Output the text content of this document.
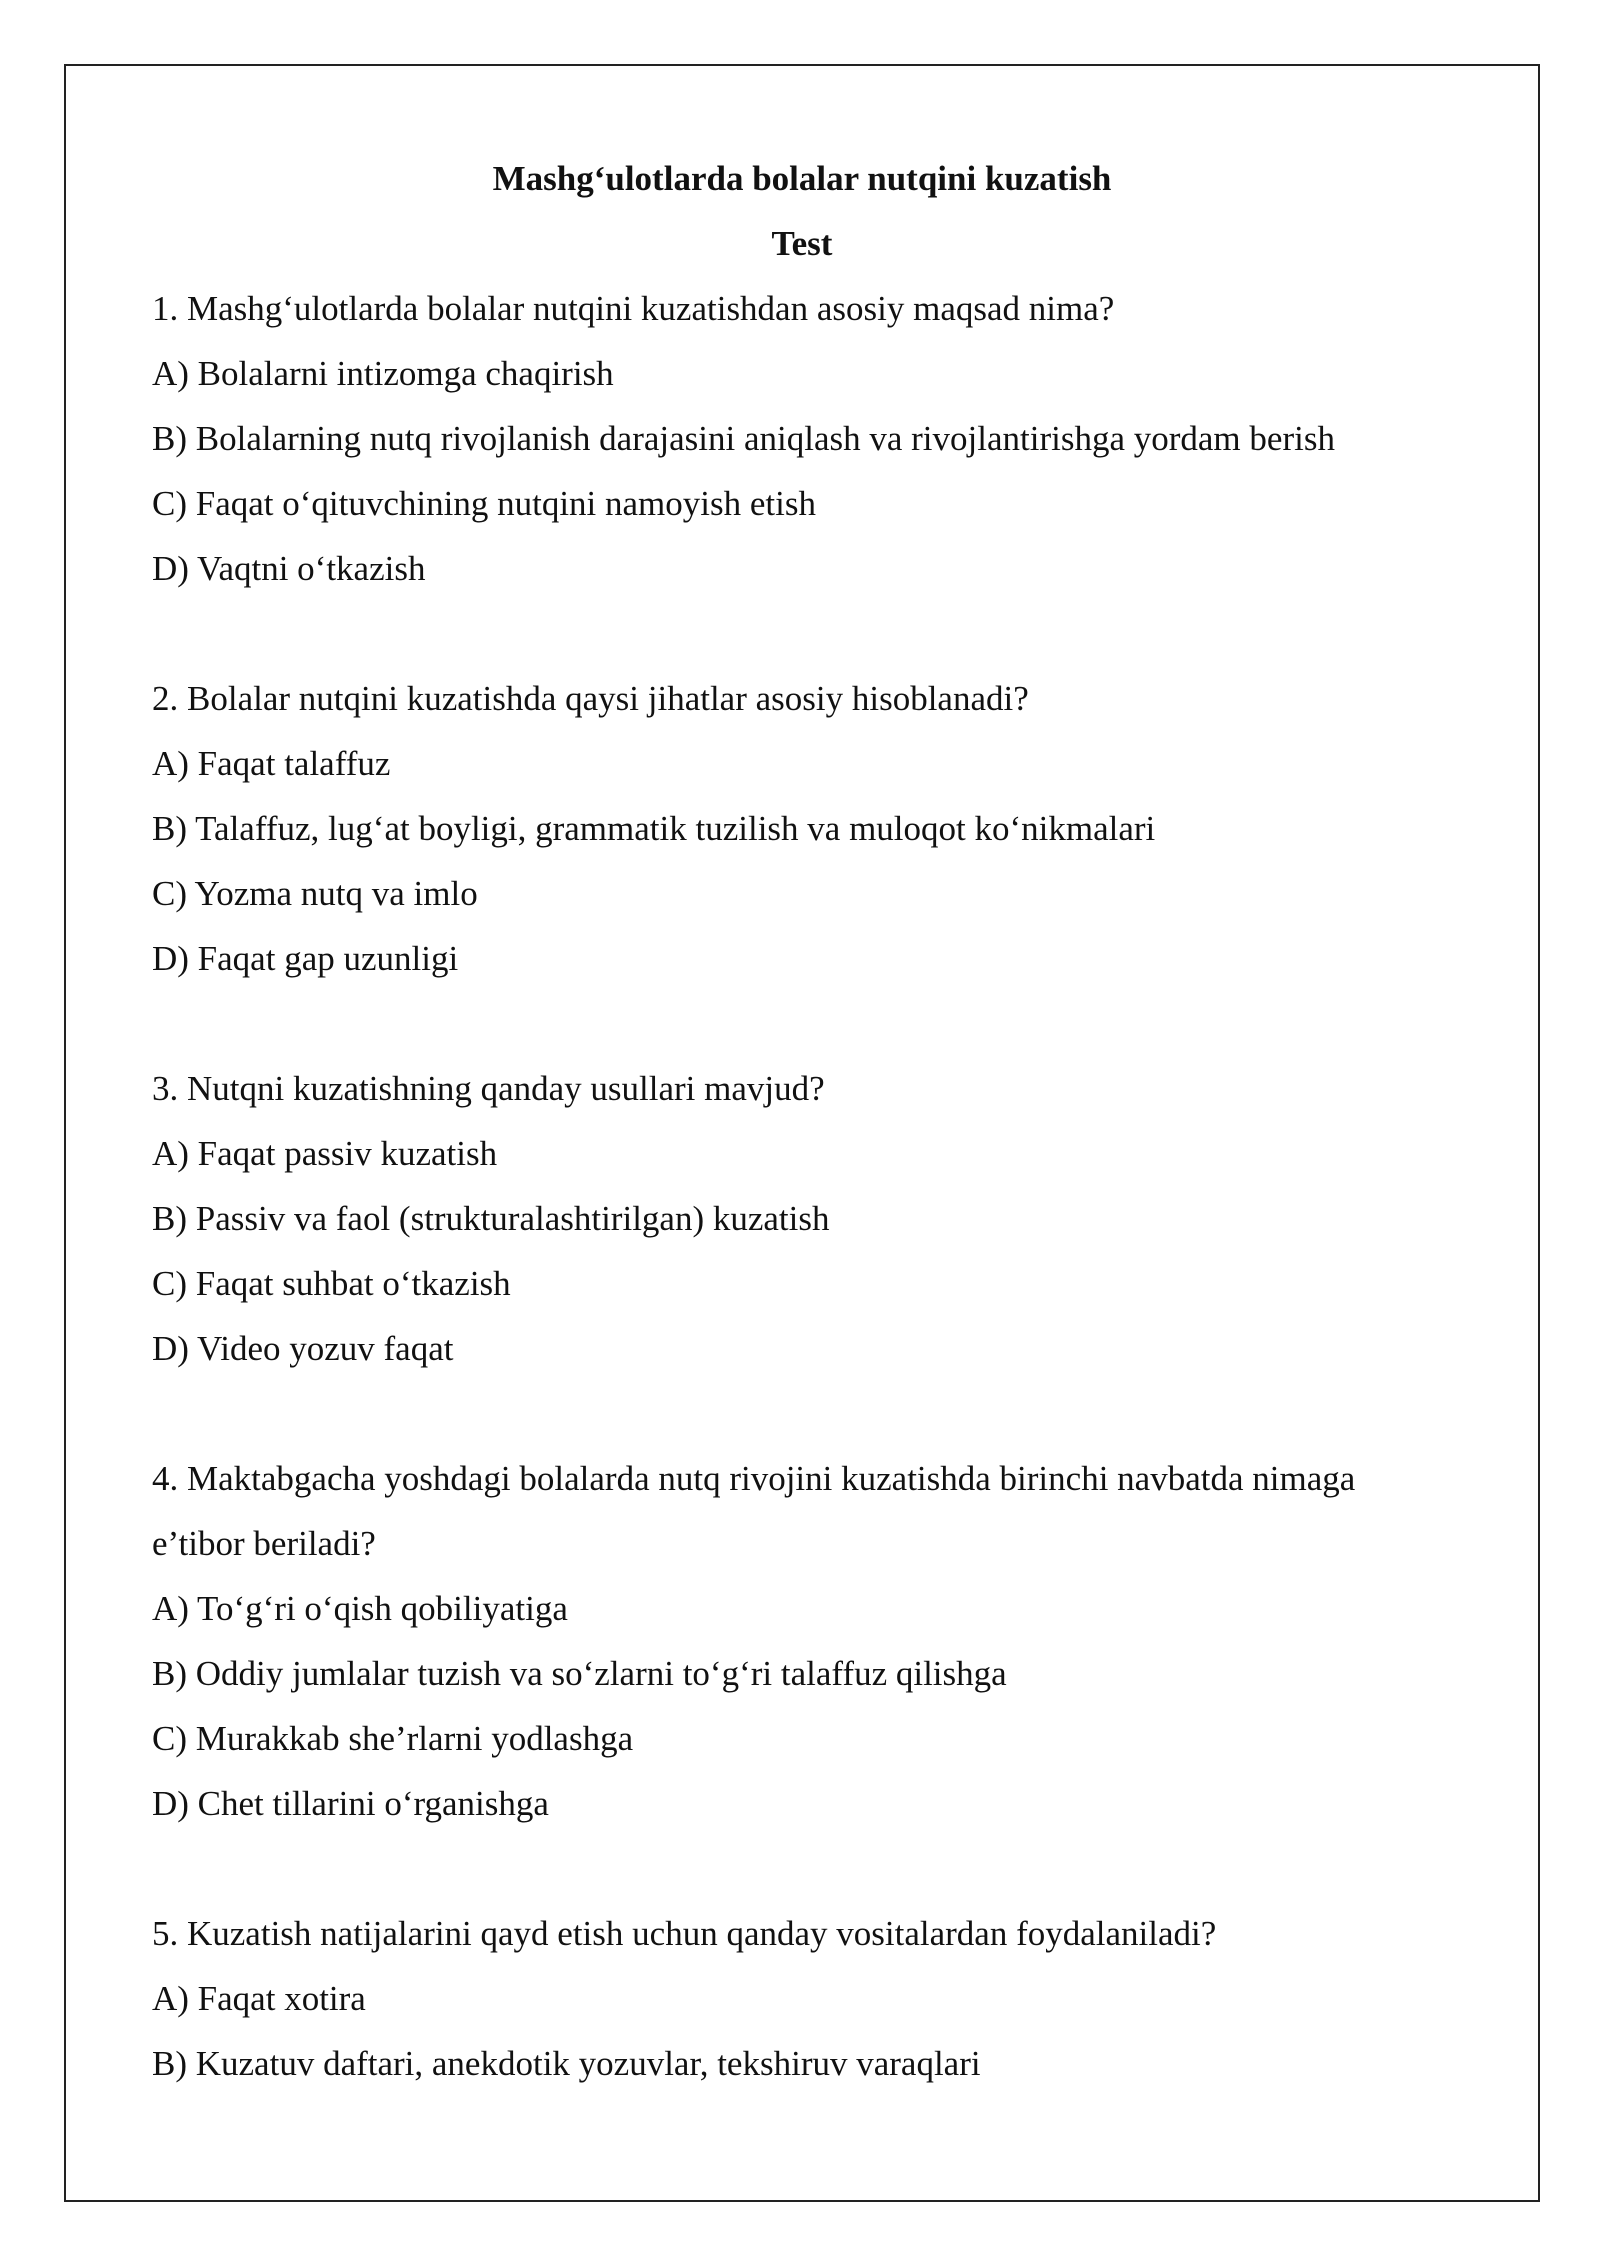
Mashg‘ulotlarda bolalar nutqini kuzatish
Test
1. Mashg‘ulotlarda bolalar nutqini kuzatishdan asosiy maqsad nima?
A) Bolalarni intizomga chaqirish
B) Bolalarning nutq rivojlanish darajasini aniqlash va rivojlantirishga yordam berish
C) Faqat o‘qituvchining nutqini namoyish etish
D) Vaqtni o‘tkazish
2. Bolalar nutqini kuzatishda qaysi jihatlar asosiy hisoblanadi?
A) Faqat talaffuz
B) Talaffuz, lug‘at boyligi, grammatik tuzilish va muloqot ko‘nikmalari
C) Yozma nutq va imlo
D) Faqat gap uzunligi
3. Nutqni kuzatishning qanday usullari mavjud?
A) Faqat passiv kuzatish
B) Passiv va faol (strukturalashtirilgan) kuzatish
C) Faqat suhbat o‘tkazish
D) Video yozuv faqat
4. Maktabgacha yoshdagi bolalarda nutq rivojini kuzatishda birinchi navbatda nimaga
e’tibor beriladi?
A) To‘g‘ri o‘qish qobiliyatiga
B) Oddiy jumlalar tuzish va so‘zlarni to‘g‘ri talaffuz qilishga
C) Murakkab she’rlarni yodlashga
D) Chet tillarini o‘rganishga
5. Kuzatish natijalarini qayd etish uchun qanday vositalardan foydalaniladi?
A) Faqat xotira
B) Kuzatuv daftari, anekdotik yozuvlar, tekshiruv varaqlari
